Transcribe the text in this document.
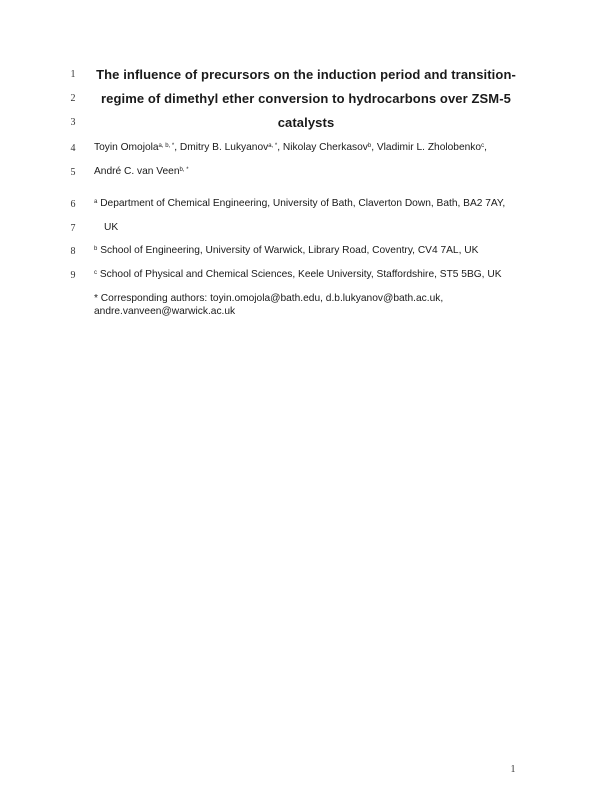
1
2
3
4
5
6
7
8
9
The influence of precursors on the induction period and transition-
regime of dimethyl ether conversion to hydrocarbons over ZSM-5
catalysts
Toyin Omojola$^{a, b, *}$, Dmitry B. Lukyanov$^{a, *}$, Nikolay Cherkasov$^b$, Vladimir L. Zholobenko$^c$,
André C. van Veen$^{b, *}$
$^a$ Department of Chemical Engineering, University of Bath, Claverton Down, Bath, BA2 7AY,
UK
$^b$ School of Engineering, University of Warwick, Library Road, Coventry, CV4 7AL, UK
$^c$ School of Physical and Chemical Sciences, Keele University, Staffordshire, ST5 5BG, UK
* Corresponding authors: toyin.omojola@bath.edu, d.b.lukyanov@bath.ac.uk,
andre.vanveen@warwick.ac.uk
1
